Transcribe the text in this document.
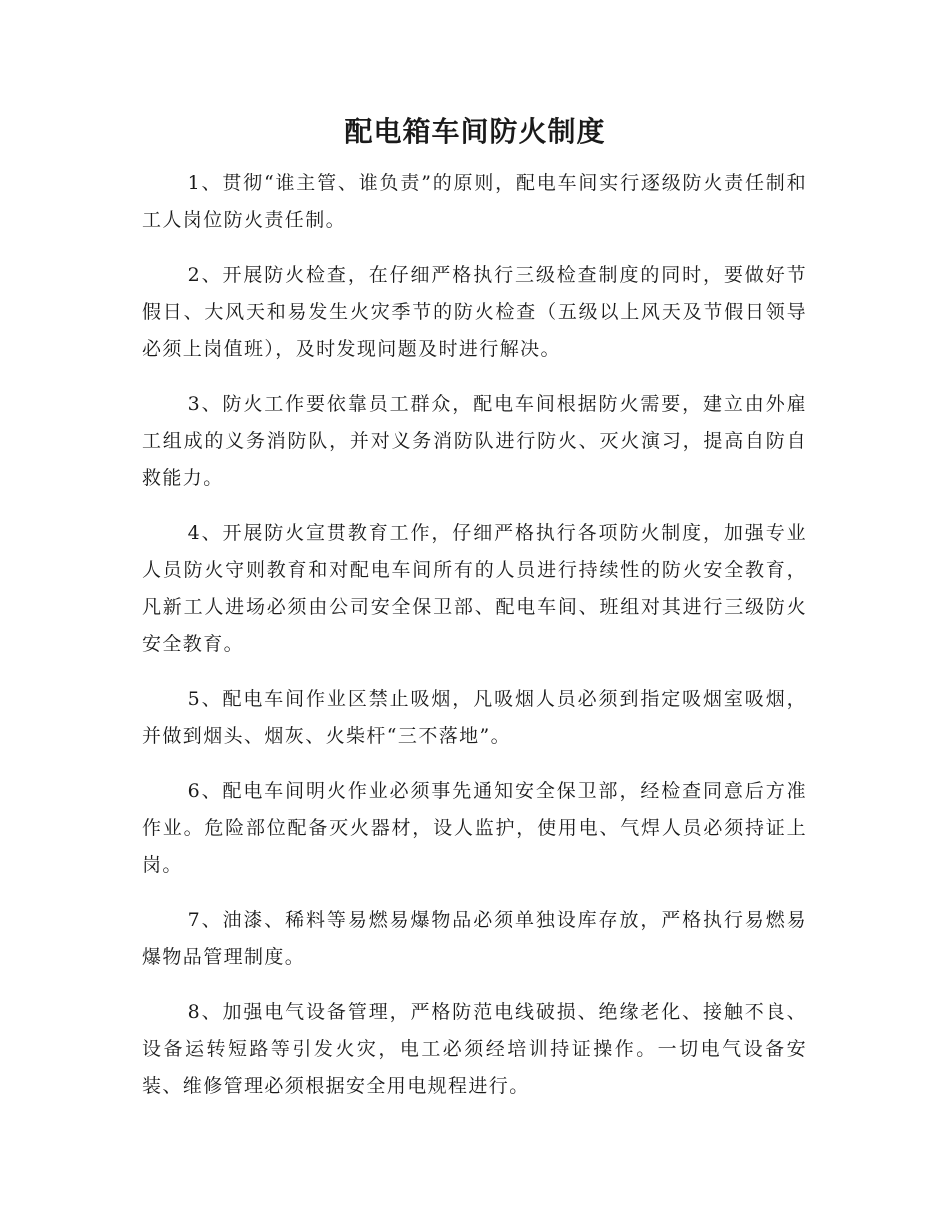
配电箱车间防火制度

1、贯彻“谁主管、谁负责”的原则，配电车间实行逐级防火责任制和工人岗位防火责任制。

2、开展防火检查，在仔细严格执行三级检查制度的同时，要做好节假日、大风天和易发生火灾季节的防火检查（五级以上风天及节假日领导必须上岗值班），及时发现问题及时进行解决。

3、防火工作要依靠员工群众，配电车间根据防火需要，建立由外雇工组成的义务消防队，并对义务消防队进行防火、灭火演习，提高自防自救能力。

4、开展防火宣贯教育工作，仔细严格执行各项防火制度，加强专业人员防火守则教育和对配电车间所有的人员进行持续性的防火安全教育，凡新工人进场必须由公司安全保卫部、配电车间、班组对其进行三级防火安全教育。

5、配电车间作业区禁止吸烟，凡吸烟人员必须到指定吸烟室吸烟，并做到烟头、烟灰、火柴杆“三不落地”。

6、配电车间明火作业必须事先通知安全保卫部，经检查同意后方准作业。危险部位配备灭火器材，设人监护，使用电、气焊人员必须持证上岗。

7、油漆、稀料等易燃易爆物品必须单独设库存放，严格执行易燃易爆物品管理制度。

8、加强电气设备管理，严格防范电线破损、绝缘老化、接触不良、设备运转短路等引发火灾，电工必须经培训持证操作。一切电气设备安装、维修管理必须根据安全用电规程进行。
